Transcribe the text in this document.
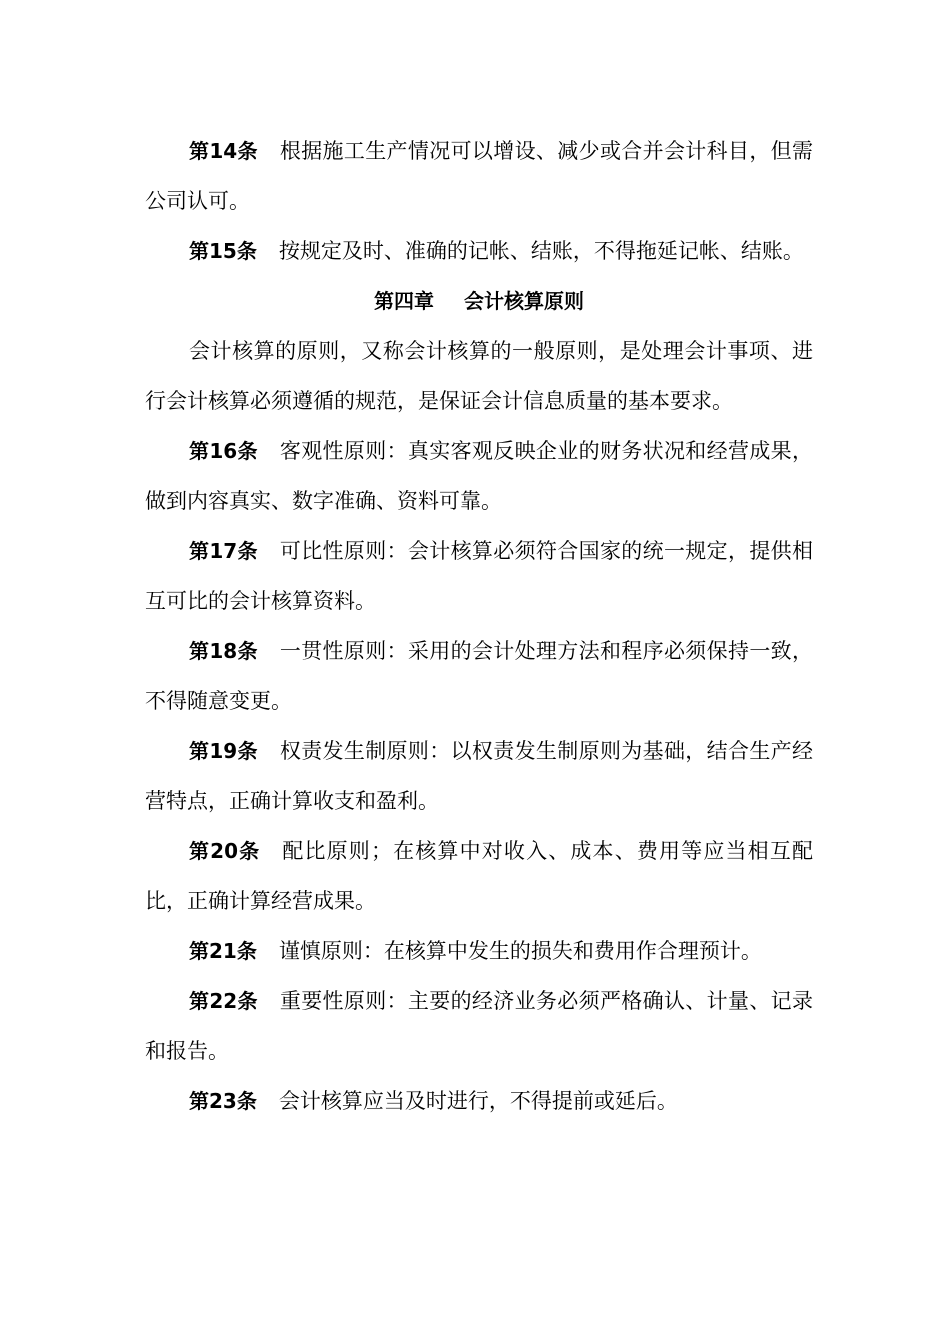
第14条 根据施工生产情况可以增设、减少或合并会计科目，但需公司认可。

第15条 按规定及时、准确的记帐、结账，不得拖延记帐、结账。

第四章 会计核算原则

会计核算的原则，又称会计核算的一般原则，是处理会计事项、进行会计核算必须遵循的规范，是保证会计信息质量的基本要求。

第16条 客观性原则：真实客观反映企业的财务状况和经营成果，做到内容真实、数字准确、资料可靠。

第17条 可比性原则：会计核算必须符合国家的统一规定，提供相互可比的会计核算资料。

第18条 一贯性原则：采用的会计处理方法和程序必须保持一致，不得随意变更。

第19条 权责发生制原则：以权责发生制原则为基础，结合生产经营特点，正确计算收支和盈利。

第20条 配比原则；在核算中对收入、成本、费用等应当相互配比，正确计算经营成果。

第21条 谨慎原则：在核算中发生的损失和费用作合理预计。

第22条 重要性原则：主要的经济业务必须严格确认、计量、记录和报告。

第23条 会计核算应当及时进行，不得提前或延后。
